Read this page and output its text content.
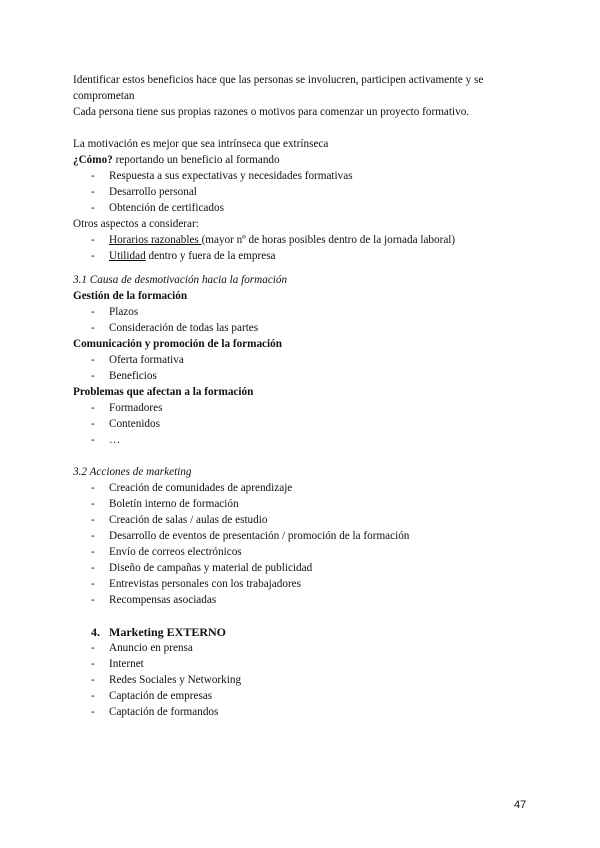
Identificar estos beneficios hace que las personas se involucren, participen activamente y se comprometan

Cada persona tiene sus propias razones o motivos para comenzar un proyecto formativo.

La motivación es mejor que sea intrínseca que extrínseca

¿Cómo? reportando un beneficio al formando

- Respuesta a sus expectativas y necesidades formativas
- Desarrollo personal
- Obtención de certificados

Otros aspectos a considerar:

- Horarios razonables (mayor nº de horas posibles dentro de la jornada laboral)
- Utilidad dentro y fuera de la empresa

3.1 Causa de desmotivación hacia la formación

Gestión de la formación

- Plazos
- Consideración de todas las partes

Comunicación y promoción de la formación

- Oferta formativa
- Beneficios

Problemas que afectan a la formación

- Formadores
- Contenidos
- …

3.2 Acciones de marketing

- Creación de comunidades de aprendizaje
- Boletín interno de formación
- Creación de salas / aulas de estudio
- Desarrollo de eventos de presentación / promoción de la formación
- Envío de correos electrónicos
- Diseño de campañas y material de publicidad
- Entrevistas personales con los trabajadores
- Recompensas asociadas

4. Marketing EXTERNO

- Anuncio en prensa
- Internet
- Redes Sociales y Networking
- Captación de empresas
- Captación de formandos
47
